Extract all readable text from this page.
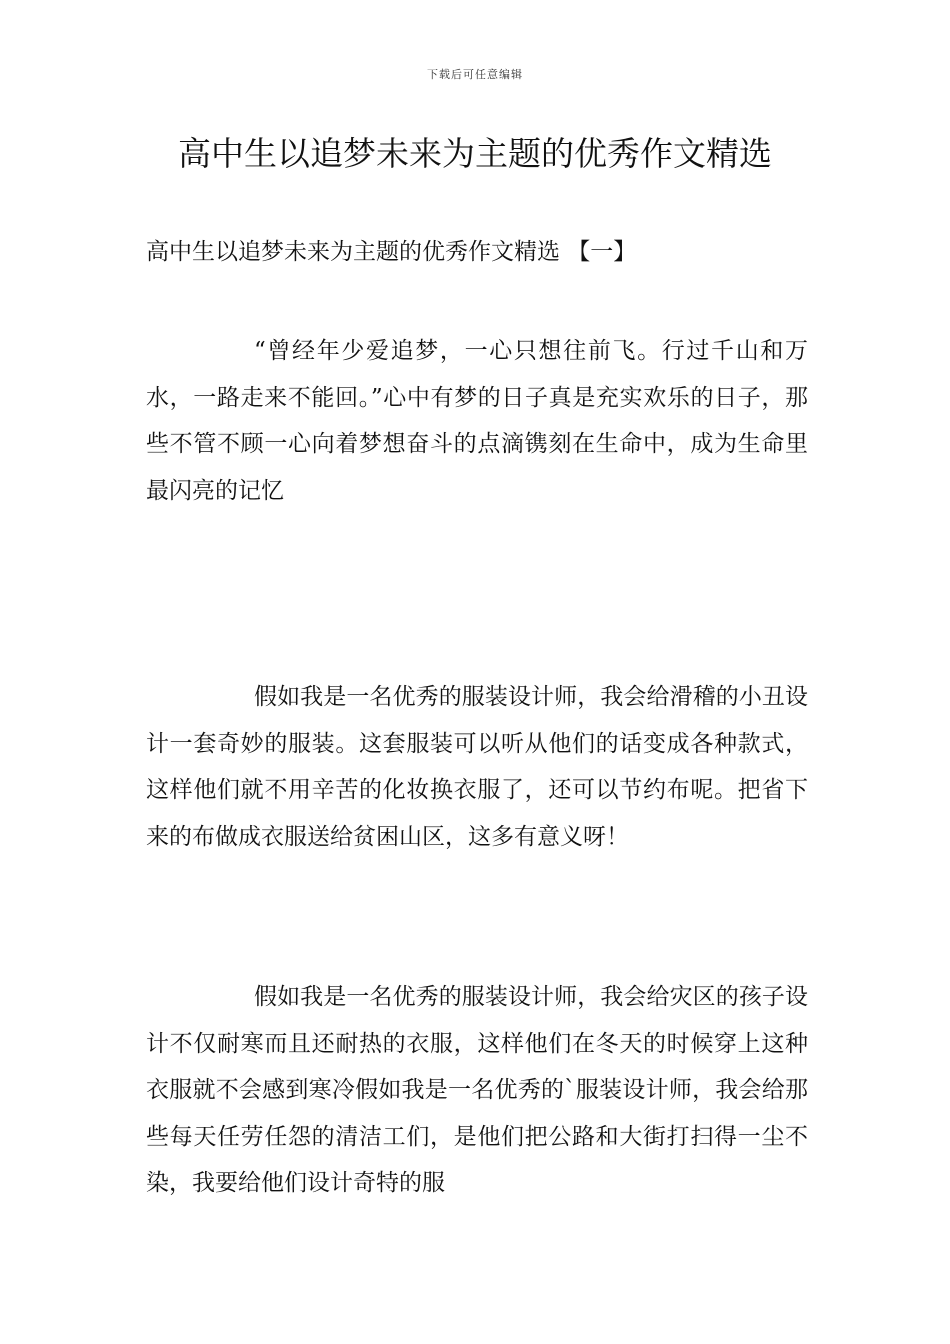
下载后可任意编辑
高中生以追梦未来为主题的优秀作文精选
高中生以追梦未来为主题的优秀作文精选 【一】

“曾经年少爱追梦，一心只想往前飞。行过千山和万水，一路走来不能回。”心中有梦的日子真是充实欢乐的日子，那些不管不顾一心向着梦想奋斗的点滴镌刻在生命中，成为生命里最闪亮的记忆

假如我是一名优秀的服装设计师，我会给滑稽的小丑设计一套奇妙的服装。这套服装可以听从他们的话变成各种款式，这样他们就不用辛苦的化妆换衣服了，还可以节约布呢。把省下来的布做成衣服送给贫困山区，这多有意义呀！

假如我是一名优秀的服装设计师，我会给灾区的孩子设计不仅耐寒而且还耐热的衣服，这样他们在冬天的时候穿上这种衣服就不会感到寒冷假如我是一名优秀的`服装设计师，我会给那些每天任劳任怨的清洁工们，是他们把公路和大街打扫得一尘不染，我要给他们设计奇特的服
